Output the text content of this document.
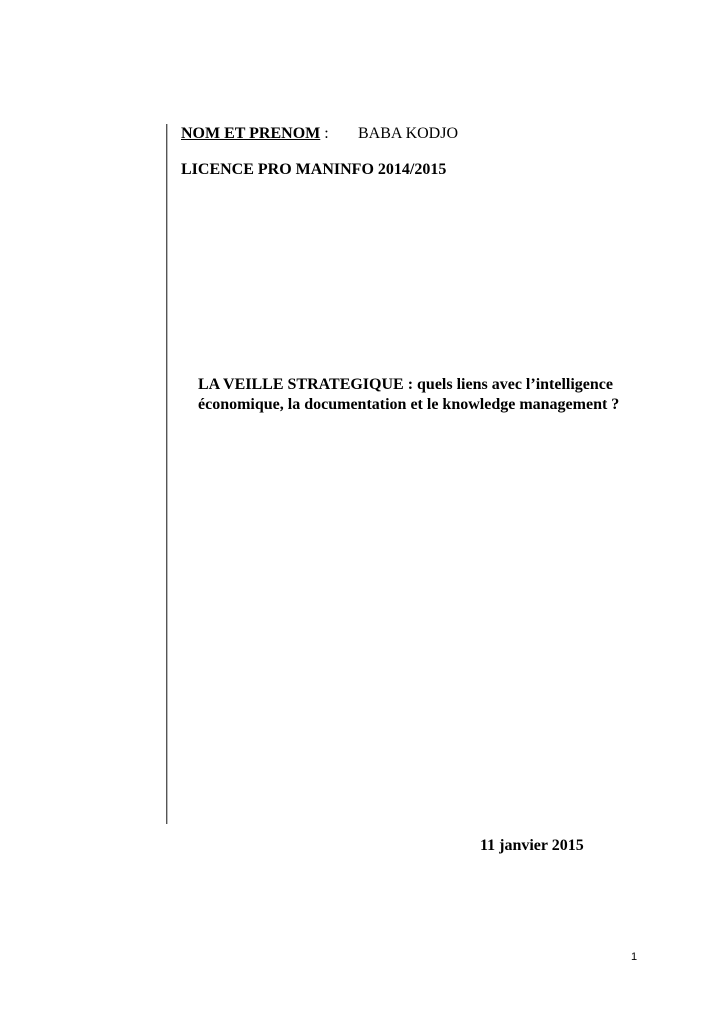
NOM ET PRENOM : BABA KODJO
LICENCE PRO MANINFO 2014/2015
LA VEILLE STRATEGIQUE : quels liens avec l’intelligence
économique, la documentation et le knowledge management ?
11 janvier 2015
1
